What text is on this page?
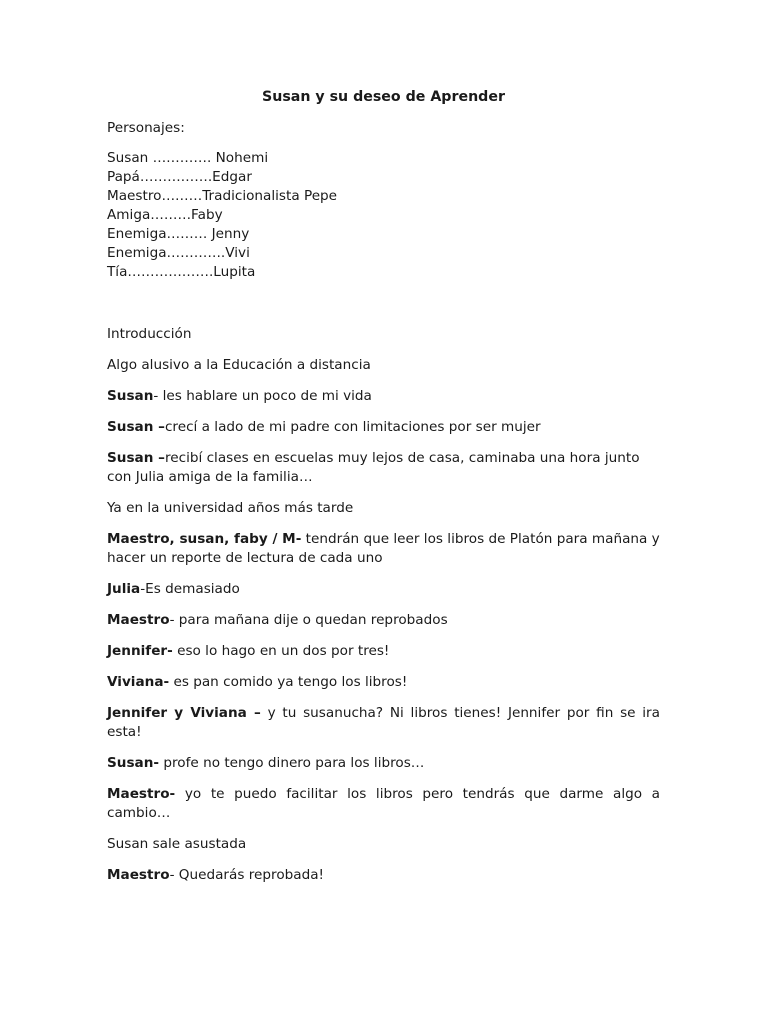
Susan y su deseo de Aprender
Personajes:
Susan …………. Nohemi
Papá…………….Edgar
Maestro………Tradicionalista Pepe
Amiga………Faby
Enemiga……… Jenny
Enemiga………….Vivi
Tía……………….Lupita
Introducción

Algo alusivo a la Educación a distancia

Susan- les hablare un poco de mi vida

Susan –crecí a lado de mi padre con limitaciones por ser mujer

Susan –recibí clases en escuelas muy lejos de casa, caminaba una hora junto con Julia amiga de la familia…

Ya en la universidad años más tarde

Maestro, susan, faby / M- tendrán que leer los libros de Platón para mañana y hacer un reporte de lectura de cada uno

Julia-Es demasiado

Maestro- para mañana dije o quedan reprobados

Jennifer- eso lo hago en un dos por tres!

Viviana- es pan comido ya tengo los libros!

Jennifer y Viviana – y tu susanucha? Ni libros tienes! Jennifer por fin se ira esta!

Susan- profe no tengo dinero para los libros…

Maestro- yo te puedo facilitar los libros pero tendrás que darme algo a cambio…

Susan sale asustada

Maestro- Quedarás reprobada!
